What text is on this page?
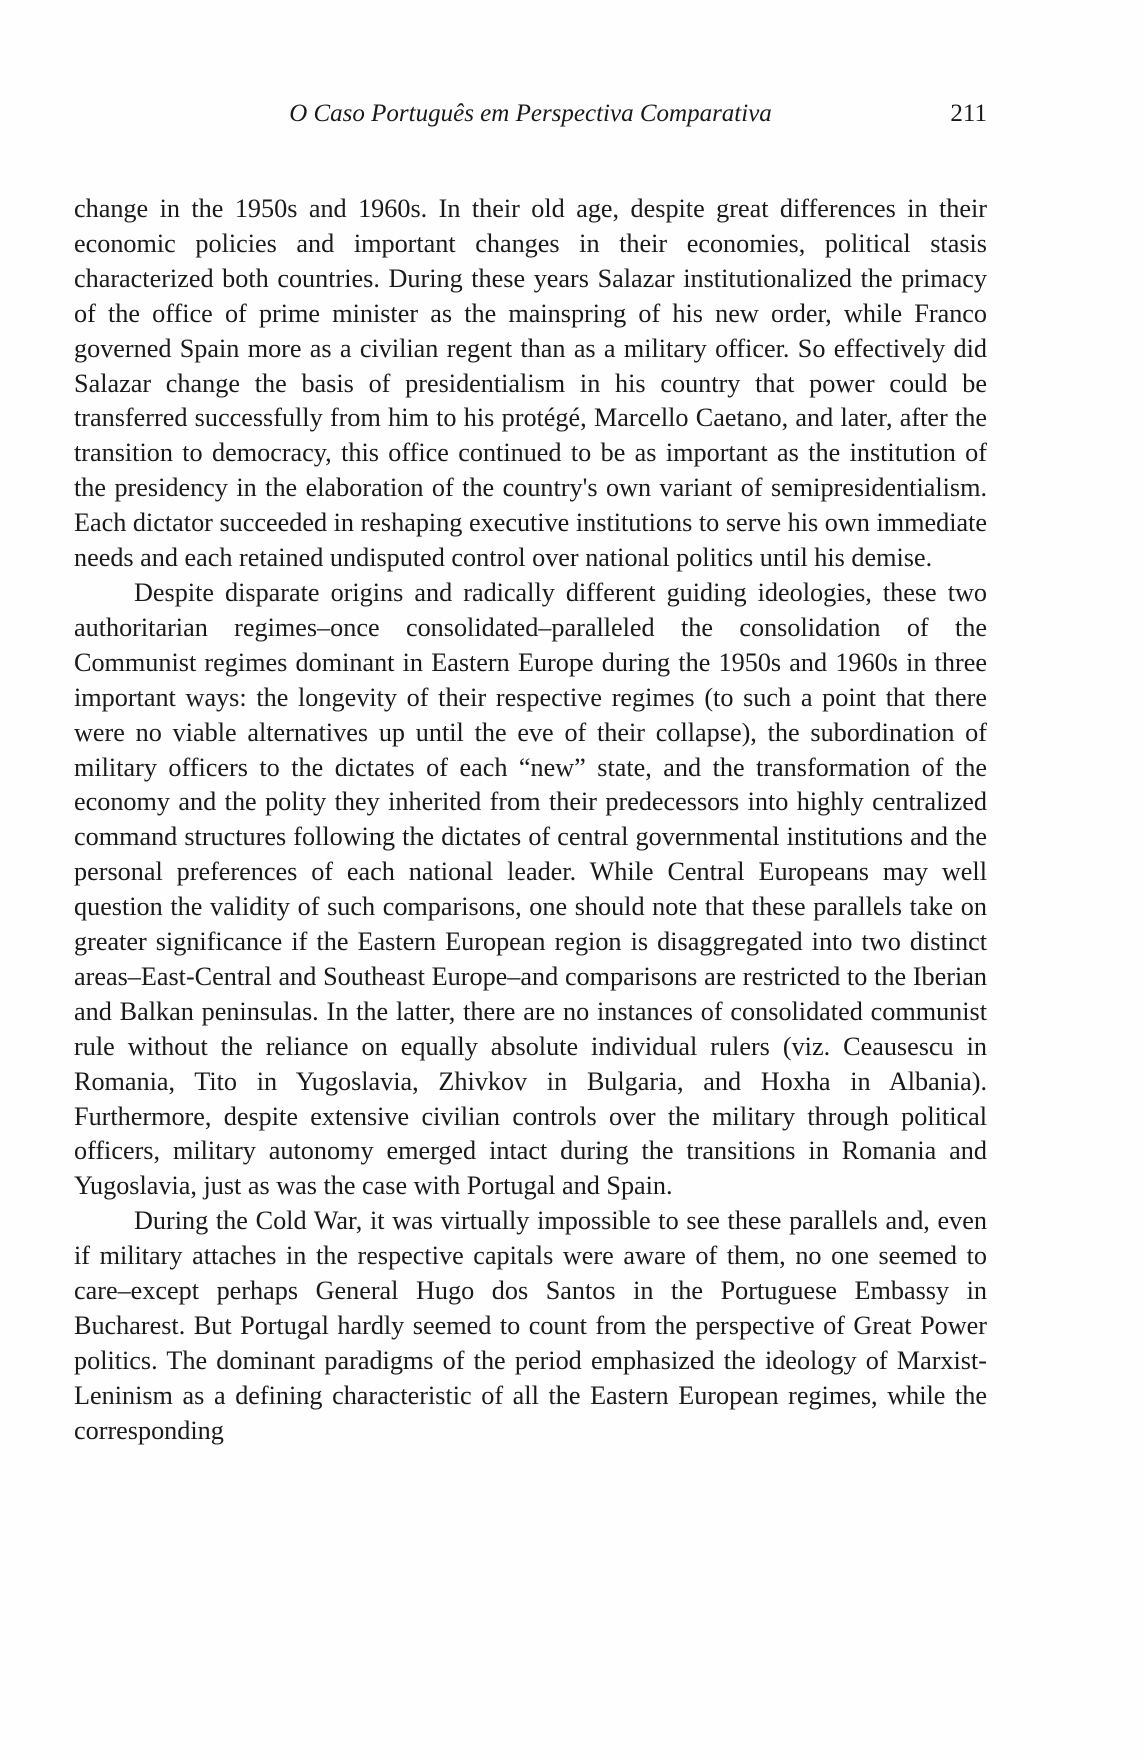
O Caso Português em Perspectiva Comparativa	211

change in the 1950s and 1960s. In their old age, despite great differences in their economic policies and important changes in their economies, political stasis characterized both countries. During these years Salazar institutionalized the primacy of the office of prime minister as the mainspring of his new order, while Franco governed Spain more as a civilian regent than as a military officer. So effectively did Salazar change the basis of presidentialism in his country that power could be transferred successfully from him to his protégé, Marcello Caetano, and later, after the transition to democracy, this office continued to be as important as the institution of the presidency in the elaboration of the country's own variant of semipresidentialism. Each dictator succeeded in reshaping executive institutions to serve his own immediate needs and each retained undisputed control over national politics until his demise.

Despite disparate origins and radically different guiding ideologies, these two authoritarian regimes–once consolidated–paralleled the consolidation of the Communist regimes dominant in Eastern Europe during the 1950s and 1960s in three important ways: the longevity of their respective regimes (to such a point that there were no viable alternatives up until the eve of their collapse), the subordination of military officers to the dictates of each “new” state, and the transformation of the economy and the polity they inherited from their predecessors into highly centralized command structures following the dictates of central governmental institutions and the personal preferences of each national leader. While Central Europeans may well question the validity of such comparisons, one should note that these parallels take on greater significance if the Eastern European region is disaggregated into two distinct areas–East-Central and Southeast Europe–and comparisons are restricted to the Iberian and Balkan peninsulas. In the latter, there are no instances of consolidated communist rule without the reliance on equally absolute individual rulers (viz. Ceausescu in Romania, Tito in Yugoslavia, Zhivkov in Bulgaria, and Hoxha in Albania). Furthermore, despite extensive civilian controls over the military through political officers, military autonomy emerged intact during the transitions in Romania and Yugoslavia, just as was the case with Portugal and Spain.

During the Cold War, it was virtually impossible to see these parallels and, even if military attaches in the respective capitals were aware of them, no one seemed to care–except perhaps General Hugo dos Santos in the Portuguese Embassy in Bucharest. But Portugal hardly seemed to count from the perspective of Great Power politics. The dominant paradigms of the period emphasized the ideology of Marxist-Leninism as a defining characteristic of all the Eastern European regimes, while the corresponding
